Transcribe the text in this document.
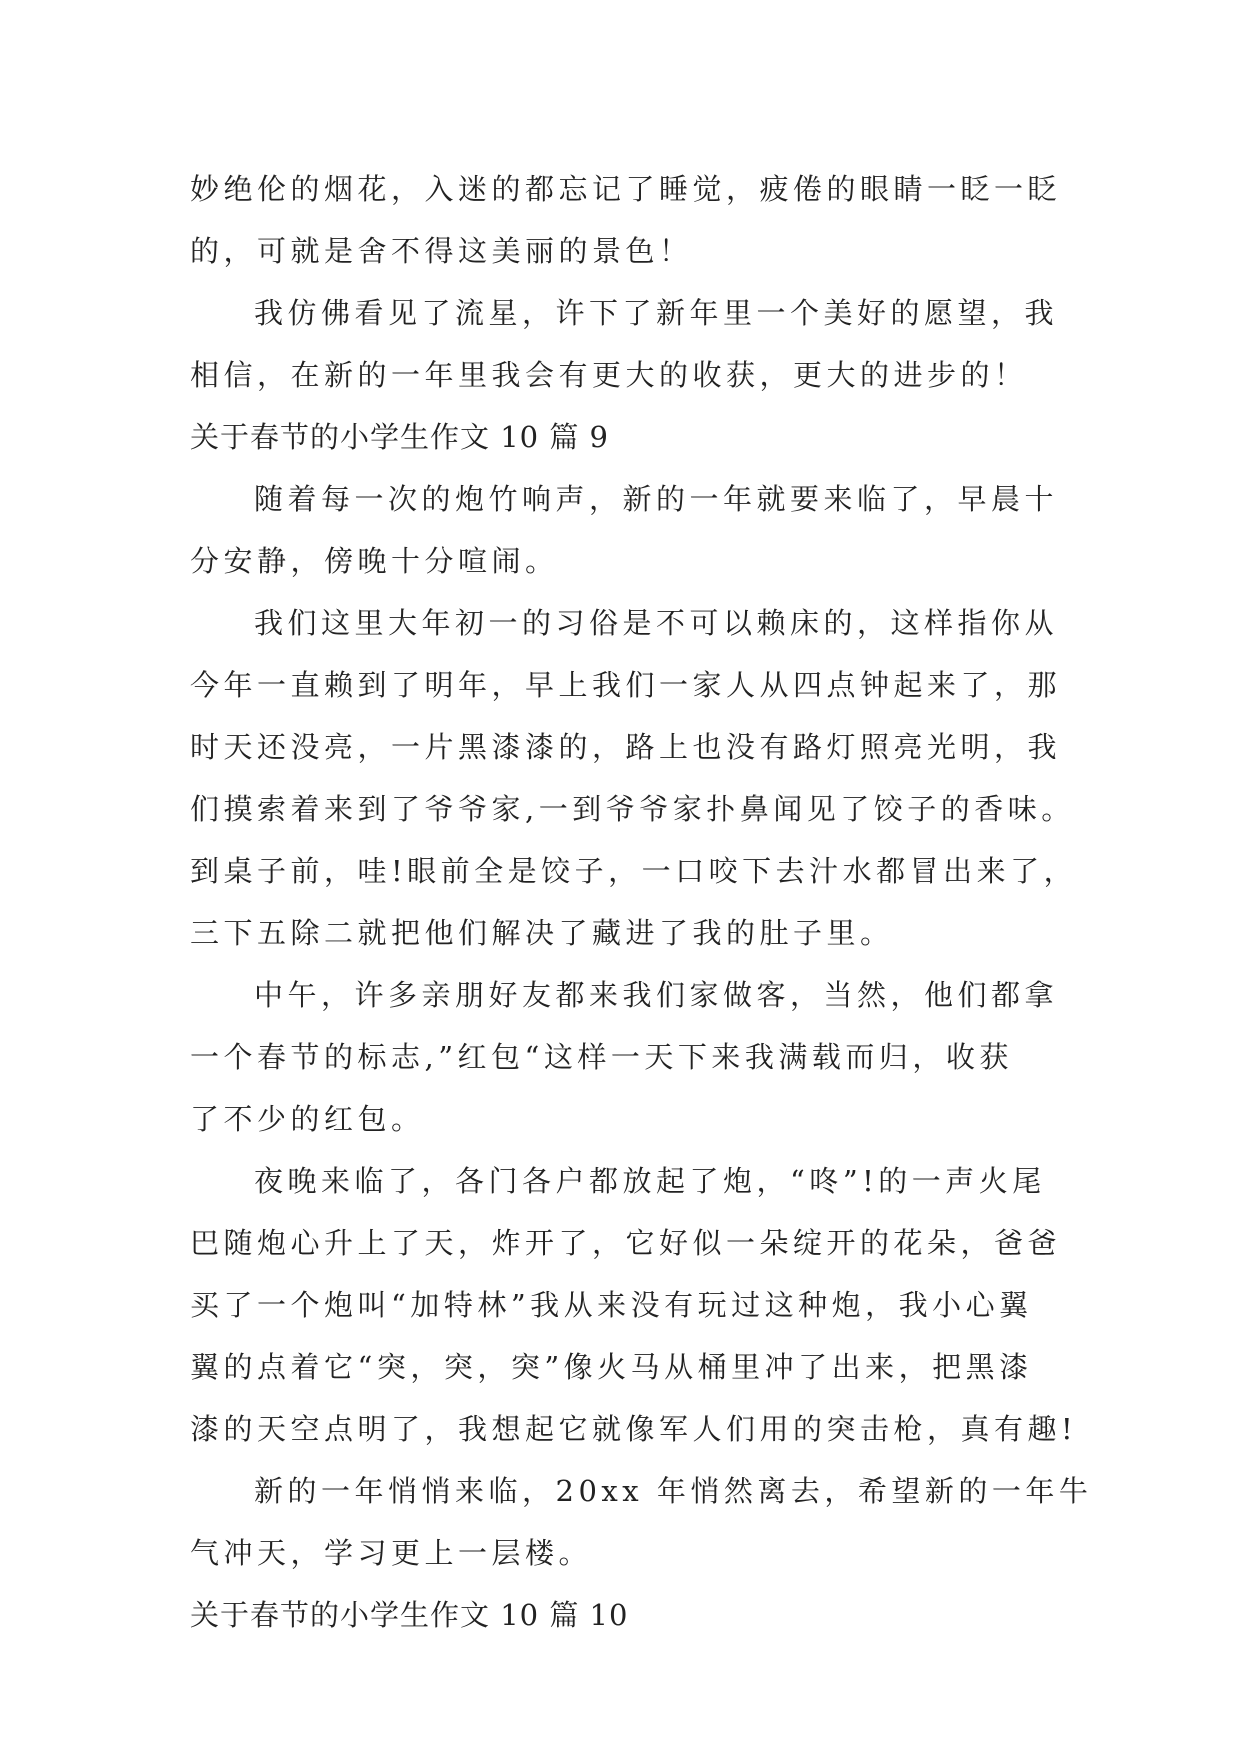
妙绝伦的烟花，入迷的都忘记了睡觉，疲倦的眼睛一眨一眨
的，可就是舍不得这美丽的景色！
我仿佛看见了流星，许下了新年里一个美好的愿望，我
相信，在新的一年里我会有更大的收获，更大的进步的！
关于春节的小学生作文 10 篇 9
随着每一次的炮竹响声，新的一年就要来临了，早晨十
分安静，傍晚十分喧闹。
我们这里大年初一的习俗是不可以赖床的，这样指你从
今年一直赖到了明年，早上我们一家人从四点钟起来了，那
时天还没亮，一片黑漆漆的，路上也没有路灯照亮光明，我
们摸索着来到了爷爷家,一到爷爷家扑鼻闻见了饺子的香味。
到桌子前，哇!眼前全是饺子，一口咬下去汁水都冒出来了，
三下五除二就把他们解决了藏进了我的肚子里。
中午，许多亲朋好友都来我们家做客，当然，他们都拿
一个春节的标志,”红包“这样一天下来我满载而归，收获
了不少的红包。
夜晚来临了，各门各户都放起了炮，“咚”!的一声火尾
巴随炮心升上了天，炸开了，它好似一朵绽开的花朵，爸爸
买了一个炮叫“加特林”我从来没有玩过这种炮，我小心翼
翼的点着它“突，突，突”像火马从桶里冲了出来，把黑漆
漆的天空点明了，我想起它就像军人们用的突击枪，真有趣!
新的一年悄悄来临，20xx 年悄然离去，希望新的一年牛
气冲天，学习更上一层楼。
关于春节的小学生作文 10 篇 10
